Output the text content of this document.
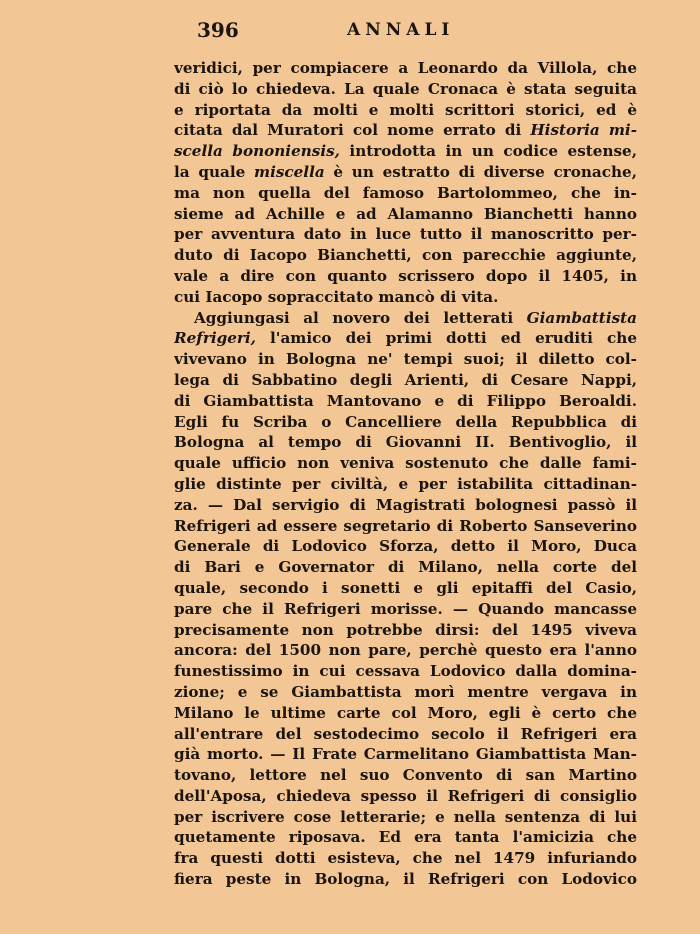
396	ANNALI
veridici, per compiacere a Leonardo da Villola, che
di ciò lo chiedeva. La quale Cronaca è stata seguita
e riportata da molti e molti scrittori storici, ed è
citata dal Muratori col nome errato di Historia mi-
scella bononiensis, introdotta in un codice estense,
la quale miscella è un estratto di diverse cronache,
ma non quella del famoso Bartolommeo, che in-
sieme ad Achille e ad Alamanno Bianchetti hanno
per avventura dato in luce tutto il manoscritto per-
duto di Iacopo Bianchetti, con parecchie aggiunte,
vale a dire con quanto scrissero dopo il 1405, in
cui Iacopo sopraccitato mancò di vita.
Aggiungasi al novero dei letterati Giambattista
Refrigeri, l'amico dei primi dotti ed eruditi che
vivevano in Bologna ne' tempi suoi; il diletto col-
lega di Sabbatino degli Arienti, di Cesare Nappi,
di Giambattista Mantovano e di Filippo Beroaldi.
Egli fu Scriba o Cancelliere della Repubblica di
Bologna al tempo di Giovanni II. Bentivoglio, il
quale ufficio non veniva sostenuto che dalle fami-
glie distinte per civiltà, e per istabilita cittadinan-
za. — Dal servigio di Magistrati bolognesi passò il
Refrigeri ad essere segretario di Roberto Sanseverino
Generale di Lodovico Sforza, detto il Moro, Duca
di Bari e Governator di Milano, nella corte del
quale, secondo i sonetti e gli epitaffi del Casio,
pare che il Refrigeri morisse. — Quando mancasse
precisamente non potrebbe dirsi: del 1495 viveva
ancora: del 1500 non pare, perchè questo era l'anno
funestissimo in cui cessava Lodovico dalla domina-
zione; e se Giambattista morì mentre vergava in
Milano le ultime carte col Moro, egli è certo che
all'entrare del sestodecimo secolo il Refrigeri era
già morto. — Il Frate Carmelitano Giambattista Man-
tovano, lettore nel suo Convento di san Martino
dell'Aposa, chiedeva spesso il Refrigeri di consiglio
per iscrivere cose letterarie; e nella sentenza di lui
quetamente riposava. Ed era tanta l'amicizia che
fra questi dotti esisteva, che nel 1479 infuriando
fiera peste in Bologna, il Refrigeri con Lodovico
